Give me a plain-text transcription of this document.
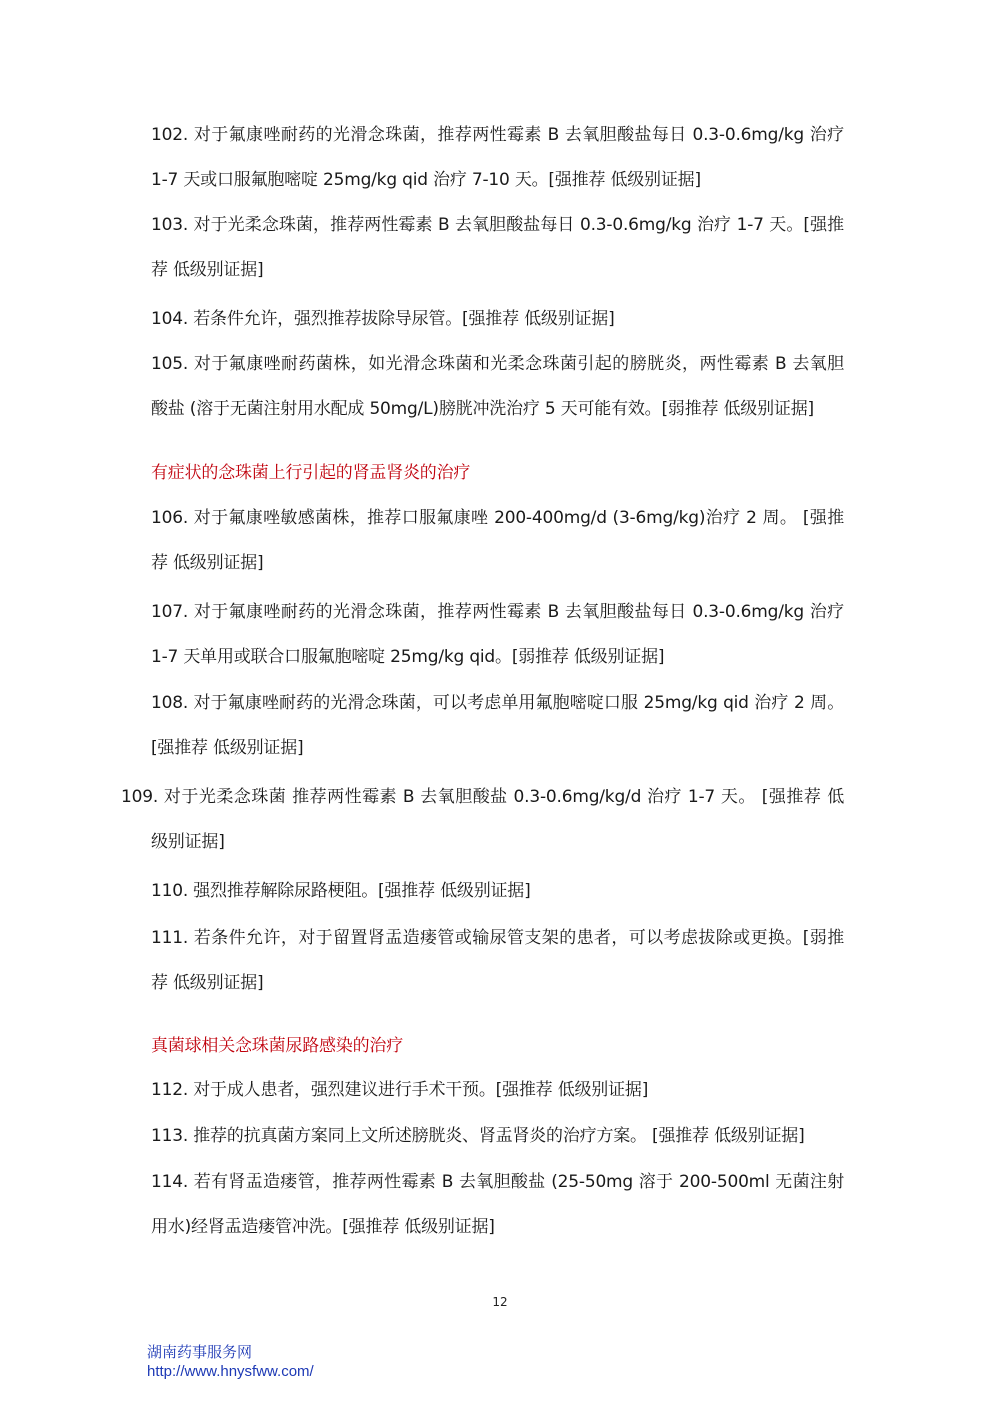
102. 对于氟康唑耐药的光滑念珠菌，推荐两性霉素 B 去氧胆酸盐每日 0.3-0.6mg/kg 治疗
1-7 天或口服氟胞嘧啶 25mg/kg qid 治疗 7-10 天。[强推荐 低级别证据]
103. 对于光柔念珠菌，推荐两性霉素 B 去氧胆酸盐每日 0.3-0.6mg/kg 治疗 1-7 天。[强推
荐 低级别证据]
104. 若条件允许，强烈推荐拔除导尿管。[强推荐 低级别证据]
105. 对于氟康唑耐药菌株，如光滑念珠菌和光柔念珠菌引起的膀胱炎，两性霉素 B 去氧胆
酸盐 (溶于无菌注射用水配成 50mg/L)膀胱冲洗治疗 5 天可能有效。[弱推荐 低级别证据]
有症状的念珠菌上行引起的肾盂肾炎的治疗
106. 对于氟康唑敏感菌株，推荐口服氟康唑 200-400mg/d (3-6mg/kg)治疗 2 周。 [强推
荐 低级别证据]
107. 对于氟康唑耐药的光滑念珠菌，推荐两性霉素 B 去氧胆酸盐每日 0.3-0.6mg/kg 治疗
1-7 天单用或联合口服氟胞嘧啶 25mg/kg qid。[弱推荐 低级别证据]
108. 对于氟康唑耐药的光滑念珠菌，可以考虑单用氟胞嘧啶口服 25mg/kg qid 治疗 2 周。
[强推荐 低级别证据]
109. 对于光柔念珠菌 推荐两性霉素 B 去氧胆酸盐 0.3-0.6mg/kg/d 治疗 1-7 天。 [强推荐 低
级别证据]
110. 强烈推荐解除尿路梗阻。[强推荐 低级别证据]
111. 若条件允许，对于留置肾盂造瘘管或输尿管支架的患者，可以考虑拔除或更换。[弱推
荐 低级别证据]
真菌球相关念珠菌尿路感染的治疗
112. 对于成人患者，强烈建议进行手术干预。[强推荐 低级别证据]
113. 推荐的抗真菌方案同上文所述膀胱炎、肾盂肾炎的治疗方案。 [强推荐 低级别证据]
114. 若有肾盂造瘘管，推荐两性霉素 B 去氧胆酸盐 (25-50mg 溶于 200-500ml 无菌注射
用水)经肾盂造瘘管冲洗。[强推荐 低级别证据]
12
湖南药事服务网
http://www.hnysfww.com/
